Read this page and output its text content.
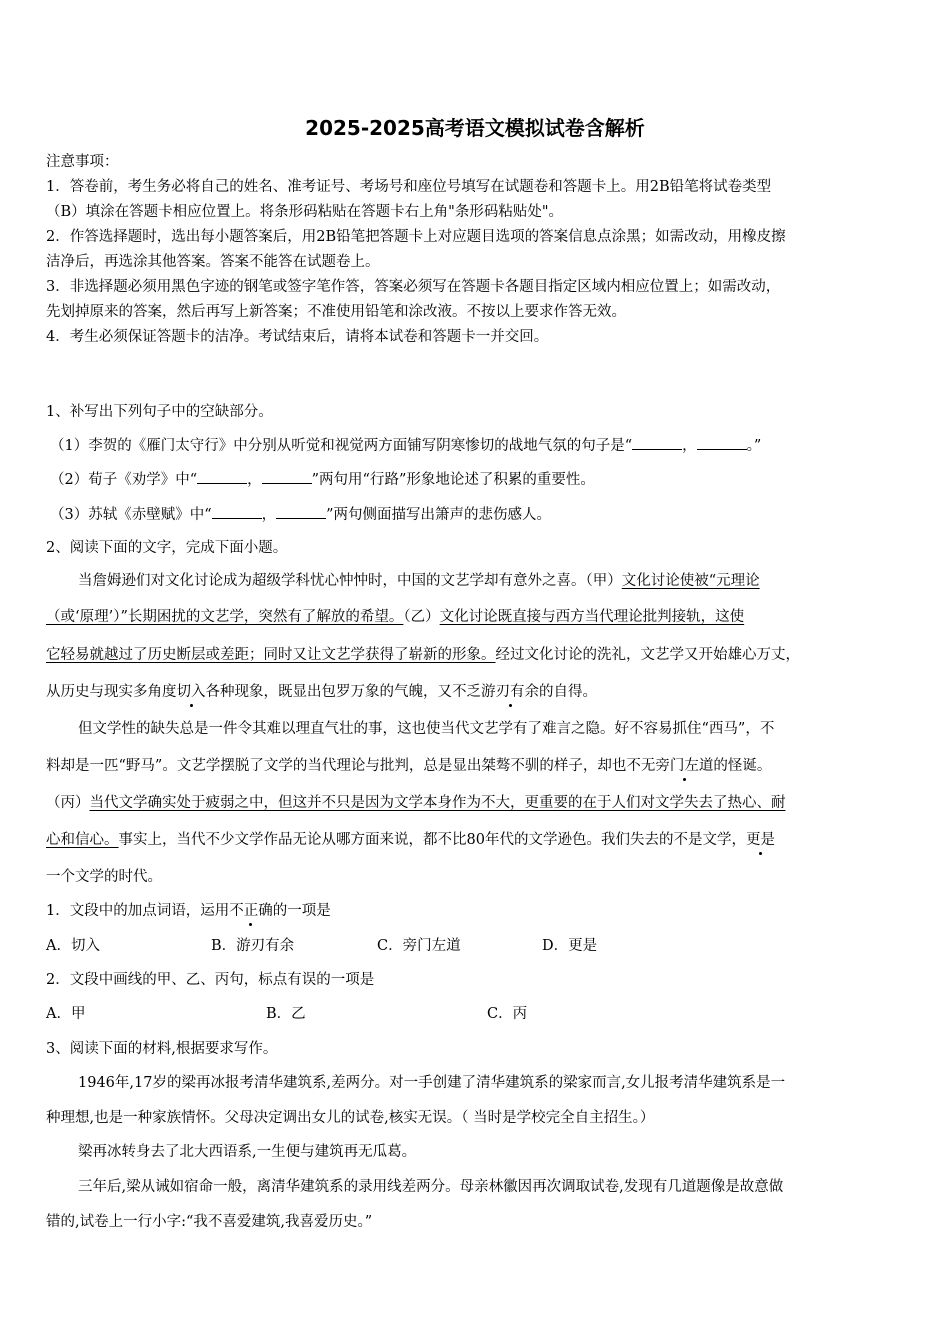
2025-2025高考语文模拟试卷含解析
注意事项：
1．答卷前，考生务必将自己的姓名、准考证号、考场号和座位号填写在试题卷和答题卡上。用2B铅笔将试卷类型
（B）填涂在答题卡相应位置上。将条形码粘贴在答题卡右上角"条形码粘贴处"。
2．作答选择题时，选出每小题答案后，用2B铅笔把答题卡上对应题目选项的答案信息点涂黑；如需改动，用橡皮擦
洁净后，再选涂其他答案。答案不能答在试题卷上。
3．非选择题必须用黑色字迹的钢笔或签字笔作答，答案必须写在答题卡各题目指定区域内相应位置上；如需改动，
先划掉原来的答案，然后再写上新答案；不准使用铅笔和涂改液。不按以上要求作答无效。
4．考生必须保证答题卡的洁净。考试结束后，请将本试卷和答题卡一并交回。
1、补写出下列句子中的空缺部分。
（1）李贺的《雁门太守行》中分别从听觉和视觉两方面铺写阴寒惨切的战地气氛的句子是“	，	。”
（2）荀子《劝学》中“	，	”两句用“行路”形象地论述了积累的重要性。
（3）苏轼《赤壁赋》中“	，	”两句侧面描写出箫声的悲伤感人。
2、阅读下面的文字，完成下面小题。
当詹姆逊们对文化讨论成为超级学科忧心忡忡时，中国的文艺学却有意外之喜。（甲）文化讨论使被“元理论
（或‘原理’）”长期困扰的文艺学，突然有了解放的希望。（乙）文化讨论既直接与西方当代理论批判接轨，这使
它轻易就越过了历史断层或差距；同时又让文艺学获得了崭新的形象。经过文化讨论的洗礼，文艺学又开始雄心万丈，
从历史与现实多角度切入各种现象，既显出包罗万象的气魄，又不乏游刃有余的自得。
但文学性的缺失总是一件令其难以理直气壮的事，这也使当代文艺学有了难言之隐。好不容易抓住“西马”，不
料却是一匹“野马”。文艺学摆脱了文学的当代理论与批判，总是显出桀骜不驯的样子，却也不无旁门左道的怪诞。
（丙）当代文学确实处于疲弱之中，但这并不只是因为文学本身作为不大，更重要的在于人们对文学失去了热心、耐
心和信心。事实上，当代不少文学作品无论从哪方面来说，都不比80年代的文学逊色。我们失去的不是文学，更是
一个文学的时代。
1．文段中的加点词语，运用不正确的一项是
A．切入	B．游刃有余	C．旁门左道	D．更是
2．文段中画线的甲、乙、丙句，标点有误的一项是
A．甲	B．乙	C．丙
3、阅读下面的材料,根据要求写作。
1946年,17岁的梁再冰报考清华建筑系,差两分。对一手创建了清华建筑系的梁家而言,女儿报考清华建筑系是一
种理想,也是一种家族情怀。父母决定调出女儿的试卷,核实无误。（ 当时是学校完全自主招生。）
梁再冰转身去了北大西语系,一生便与建筑再无瓜葛。
三年后,梁从诫如宿命一般，离清华建筑系的录用线差两分。母亲林徽因再次调取试卷,发现有几道题像是故意做
错的,试卷上一行小字:“我不喜爱建筑,我喜爱历史。”
